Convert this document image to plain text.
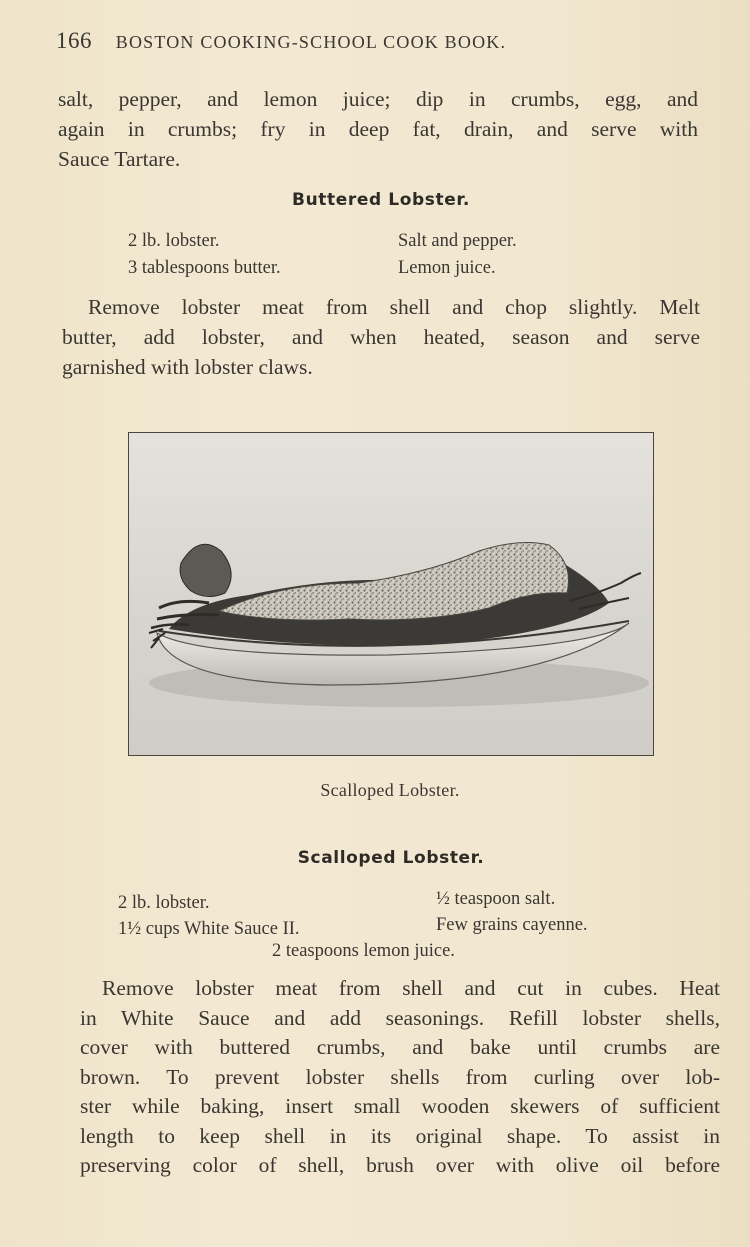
166 BOSTON COOKING-SCHOOL COOK BOOK.
salt, pepper, and lemon juice; dip in crumbs, egg, and
again in crumbs; fry in deep fat, drain, and serve with
Sauce Tartare.
Buttered Lobster.
2 lb. lobster.
3 tablespoons butter.
Salt and pepper.
Lemon juice.
Remove lobster meat from shell and chop slightly. Melt
butter, add lobster, and when heated, season and serve
garnished with lobster claws.
Scalloped Lobster.
Scalloped Lobster.
2 lb. lobster.
1½ cups White Sauce II.
½ teaspoon salt.
Few grains cayenne.
2 teaspoons lemon juice.
Remove lobster meat from shell and cut in cubes. Heat
in White Sauce and add seasonings. Refill lobster shells,
cover with buttered crumbs, and bake until crumbs are
brown. To prevent lobster shells from curling over lob-
ster while baking, insert small wooden skewers of sufficient
length to keep shell in its original shape. To assist in
preserving color of shell, brush over with olive oil before
